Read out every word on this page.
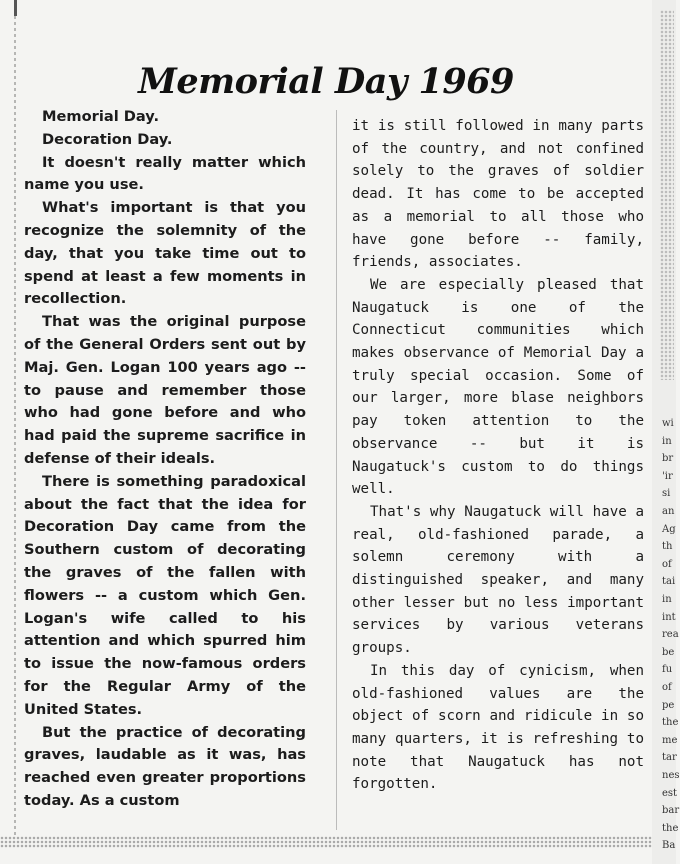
Memorial Day 1969

Memorial Day.

Decoration Day.

It doesn't really matter which name you use.

What's important is that you recognize the solemnity of the day, that you take time out to spend at least a few moments in recollection.

That was the original purpose of the General Orders sent out by Maj. Gen. Logan 100 years ago -- to pause and remember those who had gone before and who had paid the supreme sacrifice in defense of their ideals.

There is something paradoxical about the fact that the idea for Decoration Day came from the Southern custom of decorating the graves of the fallen with flowers -- a custom which Gen. Logan's wife called to his attention and which spurred him to issue the now-famous orders for the Regular Army of the United States.

But the practice of decorating graves, laudable as it was, has reached even greater proportions today. As a custom

it is still followed in many parts of the country, and not confined solely to the graves of soldier dead. It has come to be accepted as a memorial to all those who have gone before -- family, friends, associates.

We are especially pleased that Naugatuck is one of the Connecticut communities which makes observance of Memorial Day a truly special occasion. Some of our larger, more blase neighbors pay token attention to the observance -- but it is Naugatuck's custom to do things well.

That's why Naugatuck will have a real, old-fashioned parade, a solemn ceremony with a distinguished speaker, and many other lesser but no less important services by various veterans groups.

In this day of cynicism, when old-fashioned values are the object of scorn and ridicule in so many quarters, it is refreshing to note that Naugatuck has not forgotten.

wi
in
br
'ir
si
an
Ag
th
of
tai
in
int
rea
be
fu
of
pe
the
me
tar
nes
est
bar
the
Ba
